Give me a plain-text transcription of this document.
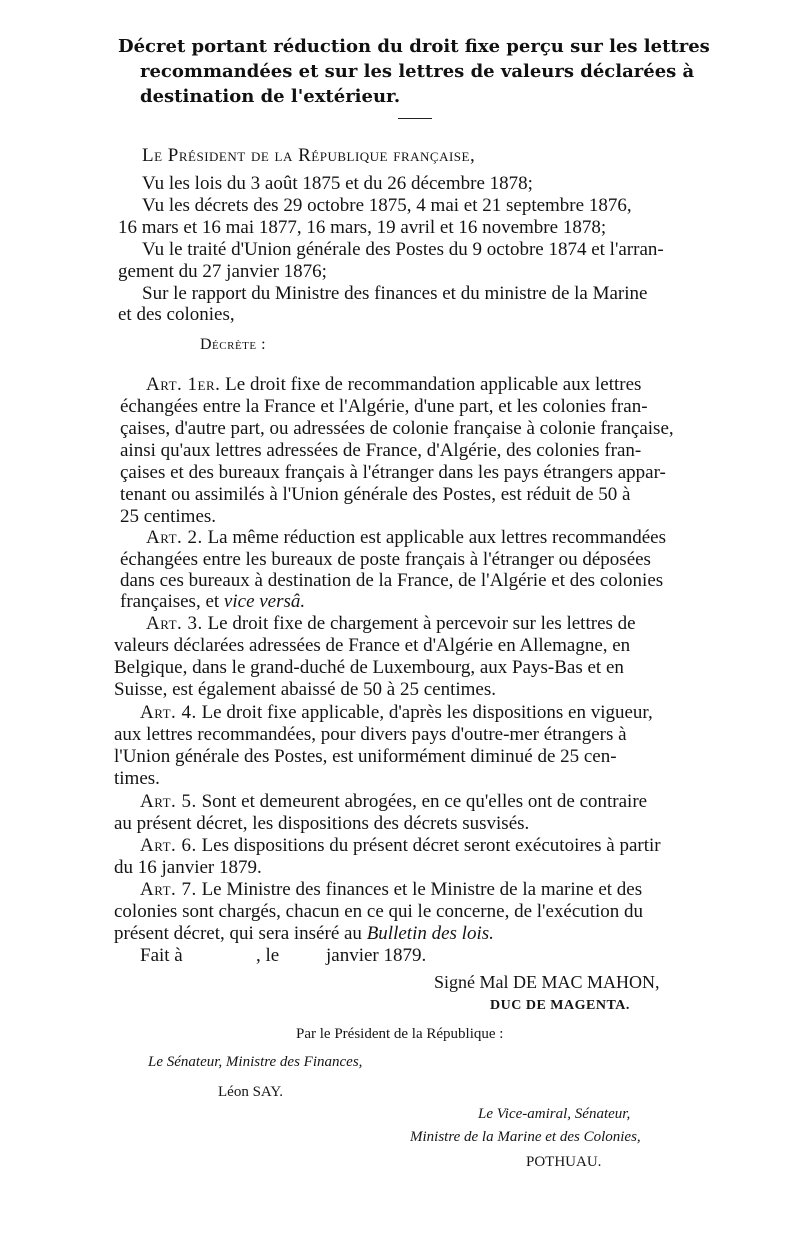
Décret portant réduction du droit fixe perçu sur les lettres
recommandées et sur les lettres de valeurs déclarées à
destination de l'extérieur.
Le Président de la République française,
Vu les lois du 3 août 1875 et du 26 décembre 1878;
Vu les décrets des 29 octobre 1875, 4 mai et 21 septembre 1876,
16 mars et 16 mai 1877, 16 mars, 19 avril et 16 novembre 1878;
Vu le traité d'Union générale des Postes du 9 octobre 1874 et l'arran-
gement du 27 janvier 1876;
Sur le rapport du Ministre des finances et du ministre de la Marine
et des colonies,
Décrète :
Art. 1er. Le droit fixe de recommandation applicable aux lettres
échangées entre la France et l'Algérie, d'une part, et les colonies fran-
çaises, d'autre part, ou adressées de colonie française à colonie française,
ainsi qu'aux lettres adressées de France, d'Algérie, des colonies fran-
çaises et des bureaux français à l'étranger dans les pays étrangers appar-
tenant ou assimilés à l'Union générale des Postes, est réduit de 50 à
25 centimes.
Art. 2. La même réduction est applicable aux lettres recommandées
échangées entre les bureaux de poste français à l'étranger ou déposées
dans ces bureaux à destination de la France, de l'Algérie et des colonies
françaises, et vice versâ.
Art. 3. Le droit fixe de chargement à percevoir sur les lettres de
valeurs déclarées adressées de France et d'Algérie en Allemagne, en
Belgique, dans le grand-duché de Luxembourg, aux Pays-Bas et en
Suisse, est également abaissé de 50 à 25 centimes.
Art. 4. Le droit fixe applicable, d'après les dispositions en vigueur,
aux lettres recommandées, pour divers pays d'outre-mer étrangers à
l'Union générale des Postes, est uniformément diminué de 25 cen-
times.
Art. 5. Sont et demeurent abrogées, en ce qu'elles ont de contraire
au présent décret, les dispositions des décrets susvisés.
Art. 6. Les dispositions du présent décret seront exécutoires à partir
du 16 janvier 1879.
Art. 7. Le Ministre des finances et le Ministre de la marine et des
colonies sont chargés, chacun en ce qui le concerne, de l'exécution du
présent décret, qui sera inséré au Bulletin des lois.
Fait à	, le janvier 1879.
Signé Mal DE MAC MAHON,
DUC DE MAGENTA.
Par le Président de la République :
Le Sénateur, Ministre des Finances,
Léon SAY.
Le Vice-amiral, Sénateur,
Ministre de la Marine et des Colonies,
POTHUAU.
